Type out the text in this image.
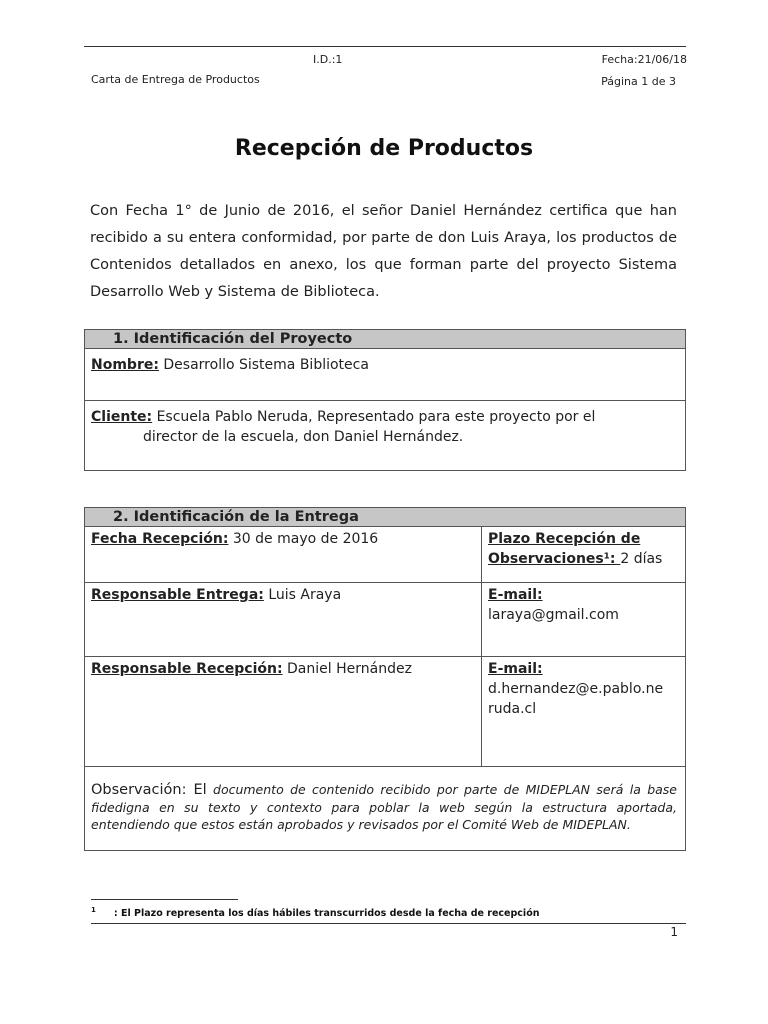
I.D.:1	Fecha:21/06/18
Carta de Entrega de Productos	Página 1 de 3
Recepción de Productos

Con Fecha 1° de Junio de 2016, el señor Daniel Hernández certifica que han recibido a su entera conformidad, por parte de don Luis Araya, los productos de Contenidos detallados en anexo, los que forman parte del proyecto Sistema Desarrollo Web y Sistema de Biblioteca.

1. Identificación del Proyecto
Nombre: Desarrollo Sistema Biblioteca
Cliente: Escuela Pablo Neruda, Representado para este proyecto por el
director de la escuela, don Daniel Hernández.
2. Identificación de la Entrega
Fecha Recepción: 30 de mayo de 2016	Plazo Recepción de Observaciones¹: 2 días
Responsable Entrega: Luis Araya	E-mail:
laraya@gmail.com
Responsable Recepción: Daniel Hernández	E-mail:
d.hernandez@e.pablo.ne ruda.cl
Observación: El documento de contenido recibido por parte de MIDEPLAN será la base fidedigna en su texto y contexto para poblar la web según la estructura aportada, entendiendo que estos están aprobados y revisados por el Comité Web de MIDEPLAN.
$^1$ : El Plazo representa los días hábiles transcurridos desde la fecha de recepción
1
